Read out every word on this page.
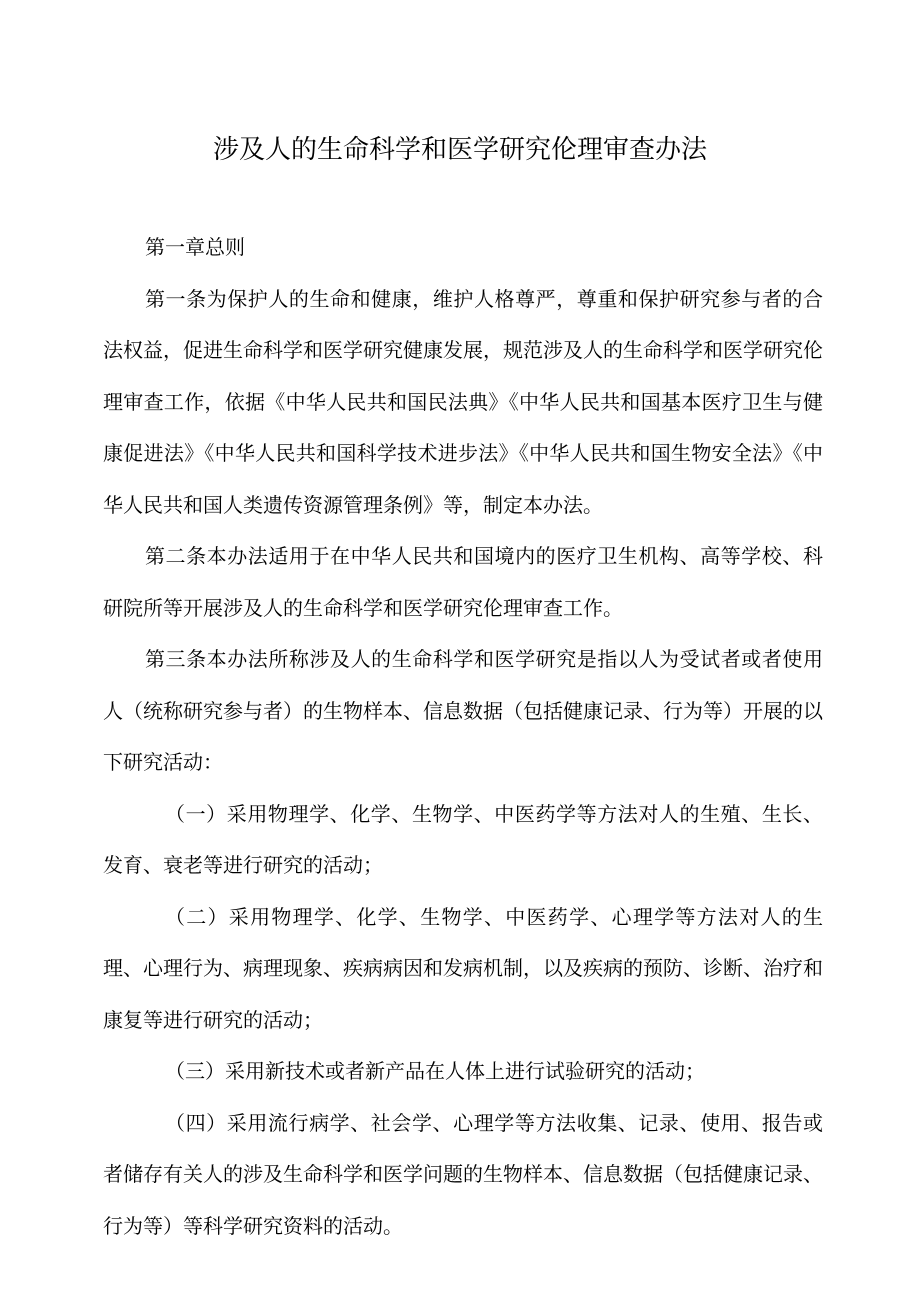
涉及人的生命科学和医学研究伦理审查办法

第一章总则

第一条为保护人的生命和健康，维护人格尊严，尊重和保护研究参与者的合法权益，促进生命科学和医学研究健康发展，规范涉及人的生命科学和医学研究伦理审查工作，依据《中华人民共和国民法典》《中华人民共和国基本医疗卫生与健康促进法》《中华人民共和国科学技术进步法》《中华人民共和国生物安全法》《中华人民共和国人类遗传资源管理条例》等，制定本办法。

第二条本办法适用于在中华人民共和国境内的医疗卫生机构、高等学校、科研院所等开展涉及人的生命科学和医学研究伦理审查工作。

第三条本办法所称涉及人的生命科学和医学研究是指以人为受试者或者使用人（统称研究参与者）的生物样本、信息数据（包括健康记录、行为等）开展的以下研究活动：

（一）采用物理学、化学、生物学、中医药学等方法对人的生殖、生长、发育、衰老等进行研究的活动；

（二）采用物理学、化学、生物学、中医药学、心理学等方法对人的生理、心理行为、病理现象、疾病病因和发病机制，以及疾病的预防、诊断、治疗和康复等进行研究的活动；

（三）采用新技术或者新产品在人体上进行试验研究的活动；

（四）采用流行病学、社会学、心理学等方法收集、记录、使用、报告或者储存有关人的涉及生命科学和医学问题的生物样本、信息数据（包括健康记录、行为等）等科学研究资料的活动。
